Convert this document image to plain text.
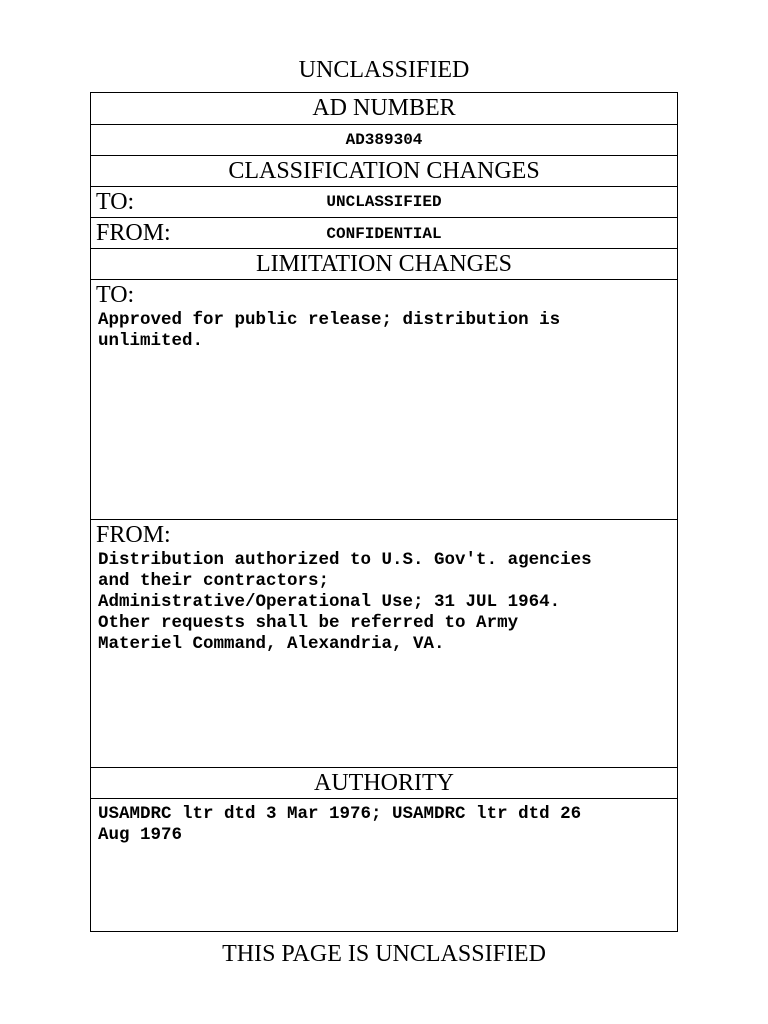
UNCLASSIFIED
AD NUMBER
AD389304
CLASSIFICATION CHANGES
UNCLASSIFIED
TO:
CONFIDENTIAL
FROM:
LIMITATION CHANGES
TO:
Approved for public release; distribution is
unlimited.
FROM:
Distribution authorized to U.S. Gov't. agencies
and their contractors;
Administrative/Operational Use; 31 JUL 1964.
Other requests shall be referred to Army
Materiel Command, Alexandria, VA.
AUTHORITY
USAMDRC ltr dtd 3 Mar 1976; USAMDRC ltr dtd 26
Aug 1976
THIS PAGE IS UNCLASSIFIED
